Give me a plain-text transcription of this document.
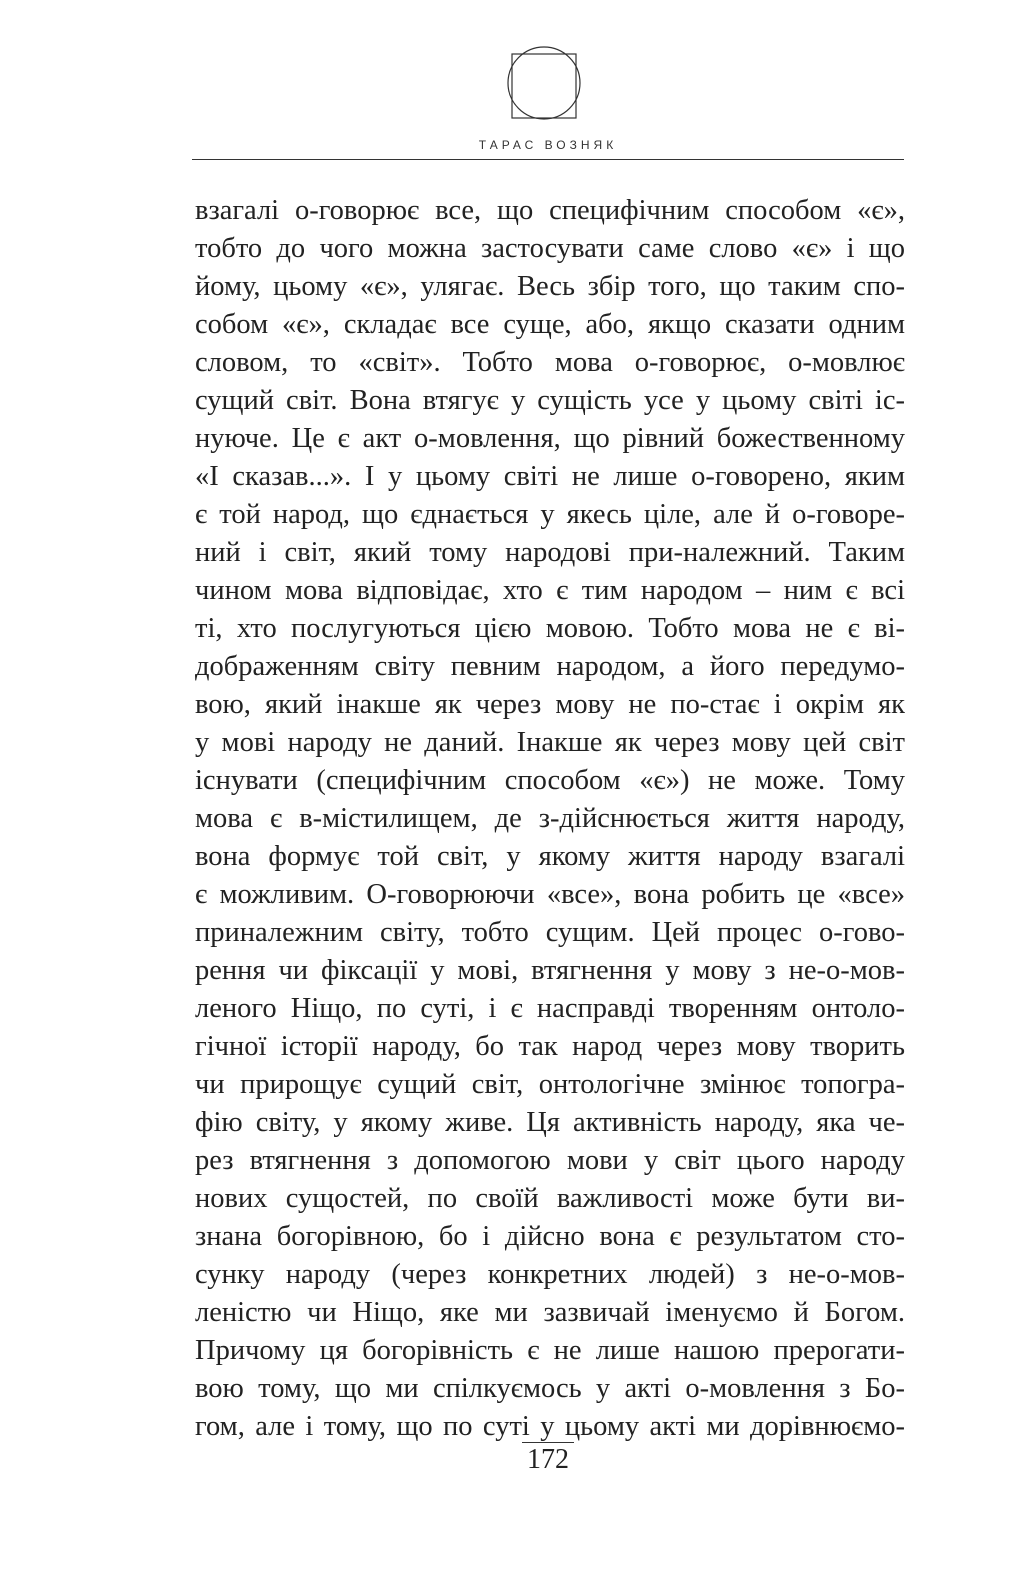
ТАРАС ВОЗНЯК
взагалі о-говорює все, що специфічним способом «є»,
тобто до чого можна застосувати саме слово «є» і що
йому, цьому «є», улягає. Весь збір того, що таким спо-
собом «є», складає все суще, або, якщо сказати одним
словом, то «світ». Тобто мова о-говорює, о-мовлює
сущий світ. Вона втягує у сущість усе у цьому світі іс-
нуюче. Це є акт о-мовлення, що рівний божественному
«І сказав...». І у цьому світі не лише о-говорено, яким
є той народ, що єднається у якесь ціле, але й о-говоре-
ний і світ, який тому народові при-належний. Таким
чином мова відповідає, хто є тим народом – ним є всі
ті, хто послугуються цією мовою. Тобто мова не є ві-
дображенням світу певним народом, а його передумо-
вою, який інакше як через мову не по-стає і окрім як
у мові народу не даний. Інакше як через мову цей світ
існувати (специфічним способом «є») не може. Тому
мова є в-містилищем, де з-дійснюється життя народу,
вона формує той світ, у якому життя народу взагалі
є можливим. О-говорюючи «все», вона робить це «все»
приналежним світу, тобто сущим. Цей процес о-гово-
рення чи фіксації у мові, втягнення у мову з не-о-мов-
леного Ніщо, по суті, і є насправді творенням онтоло-
гічної історії народу, бо так народ через мову творить
чи прирощує сущий світ, онтологічне змінює топогра-
фію світу, у якому живе. Ця активність народу, яка че-
рез втягнення з допомогою мови у світ цього народу
нових сущостей, по своїй важливості може бути ви-
знана богорівною, бо і дійсно вона є результатом сто-
сунку народу (через конкретних людей) з не-о-мов-
леністю чи Ніщо, яке ми зазвичай іменуємо й Богом.
Причому ця богорівність є не лише нашою прерогати-
вою тому, що ми спілкуємось у акті о-мовлення з Бо-
гом, але і тому, що по суті у цьому акті ми дорівнюємо-
172
